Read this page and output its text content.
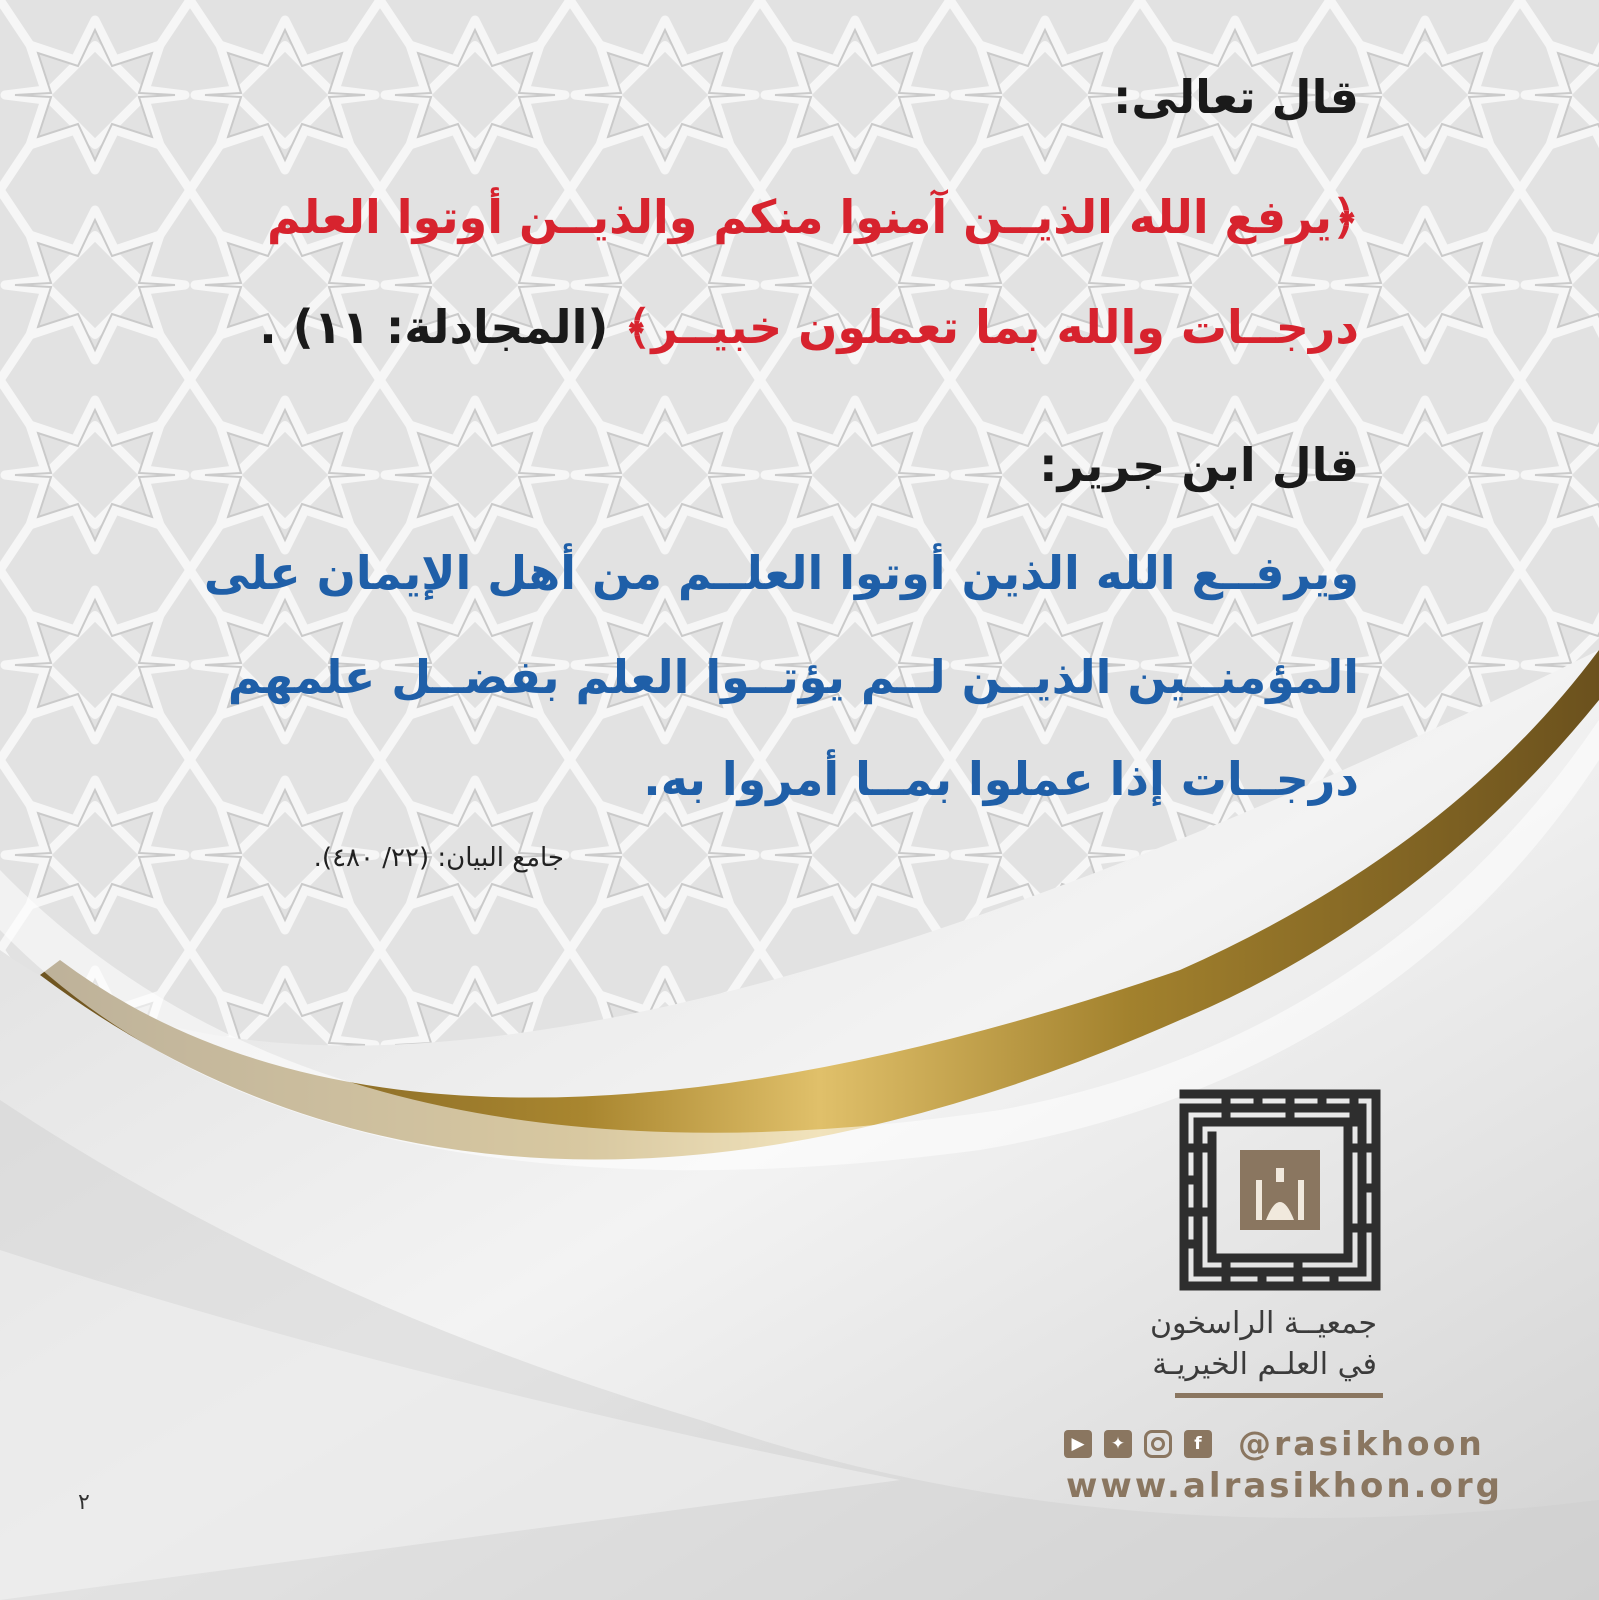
قال تعالى:
﴿يرفع الله الذيــن آمنوا منكم والذيــن أوتوا العلم
درجــات والله بما تعملون خبيــر﴾ (المجادلة: ١١) .
قال ابن جرير:
ويرفــع الله الذين أوتوا العلــم من أهل الإيمان على
المؤمنــين الذيــن لــم يؤتــوا العلم بفضــل علمهم
درجــات إذا عملوا بمــا أمروا به.
جامع البيان: (٢٢/ ٤٨٠).
جمعيــة الراسخون
في العلـم الخيريـة
▶	✦	f	@rasikhoon
www.alrasikhon.org
٢
